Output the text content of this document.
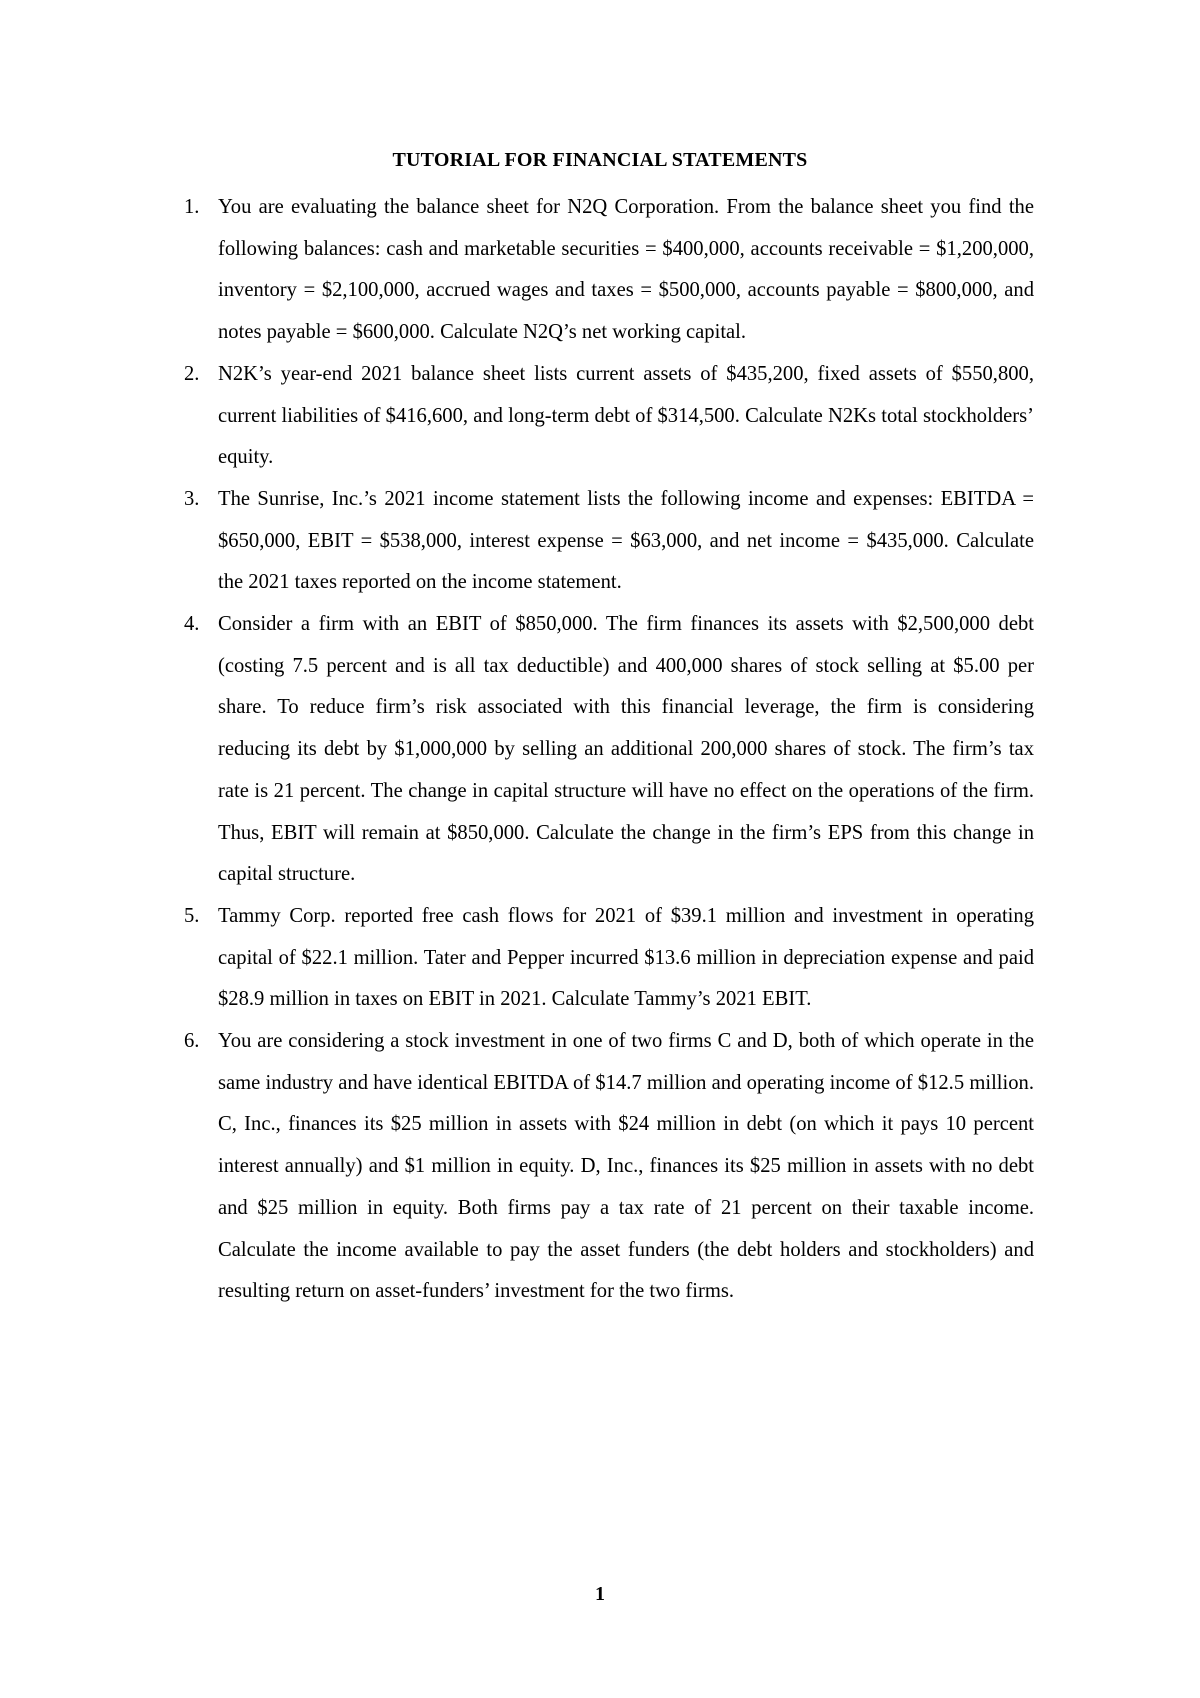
TUTORIAL FOR FINANCIAL STATEMENTS
1. You are evaluating the balance sheet for N2Q Corporation. From the balance sheet you find the following balances: cash and marketable securities = $400,000, accounts receivable = $1,200,000, inventory = $2,100,000, accrued wages and taxes = $500,000, accounts payable = $800,000, and notes payable = $600,000. Calculate N2Q’s net working capital.
2. N2K’s year-end 2021 balance sheet lists current assets of $435,200, fixed assets of $550,800, current liabilities of $416,600, and long-term debt of $314,500. Calculate N2Ks total stockholders’ equity.
3. The Sunrise, Inc.’s 2021 income statement lists the following income and expenses: EBITDA = $650,000, EBIT = $538,000, interest expense = $63,000, and net income = $435,000. Calculate the 2021 taxes reported on the income statement.
4. Consider a firm with an EBIT of $850,000. The firm finances its assets with $2,500,000 debt (costing 7.5 percent and is all tax deductible) and 400,000 shares of stock selling at $5.00 per share. To reduce firm’s risk associated with this financial leverage, the firm is considering reducing its debt by $1,000,000 by selling an additional 200,000 shares of stock. The firm’s tax rate is 21 percent. The change in capital structure will have no effect on the operations of the firm. Thus, EBIT will remain at $850,000. Calculate the change in the firm’s EPS from this change in capital structure.
5. Tammy Corp. reported free cash flows for 2021 of $39.1 million and investment in operating capital of $22.1 million. Tater and Pepper incurred $13.6 million in depreciation expense and paid $28.9 million in taxes on EBIT in 2021. Calculate Tammy’s 2021 EBIT.
6. You are considering a stock investment in one of two firms C and D, both of which operate in the same industry and have identical EBITDA of $14.7 million and operating income of $12.5 million. C, Inc., finances its $25 million in assets with $24 million in debt (on which it pays 10 percent interest annually) and $1 million in equity. D, Inc., finances its $25 million in assets with no debt and $25 million in equity. Both firms pay a tax rate of 21 percent on their taxable income. Calculate the income available to pay the asset funders (the debt holders and stockholders) and resulting return on asset-funders’ investment for the two firms.
1
